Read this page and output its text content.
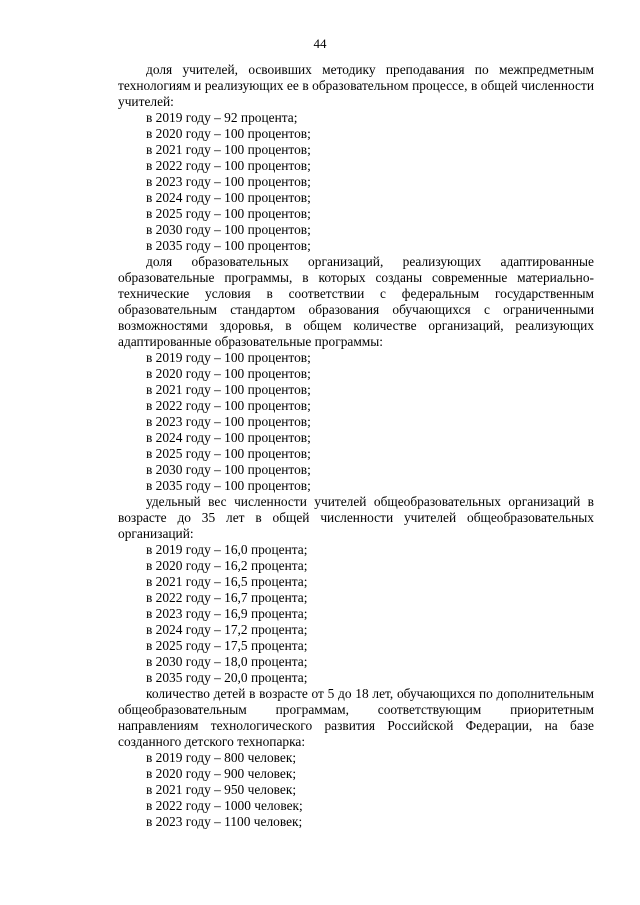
44

доля учителей, освоивших методику преподавания по межпредметным технологиям и реализующих ее в образовательном процессе, в общей численности учителей:

в 2019 году – 92 процента;
в 2020 году – 100 процентов;
в 2021 году – 100 процентов;
в 2022 году – 100 процентов;
в 2023 году – 100 процентов;
в 2024 году – 100 процентов;
в 2025 году – 100 процентов;
в 2030 году – 100 процентов;
в 2035 году – 100 процентов;

доля образовательных организаций, реализующих адаптированные образовательные программы, в которых созданы современные материально-технические условия в соответствии с федеральным государственным образовательным стандартом образования обучающихся с ограниченными возможностями здоровья, в общем количестве организаций, реализующих адаптированные образовательные программы:

в 2019 году – 100 процентов;
в 2020 году – 100 процентов;
в 2021 году – 100 процентов;
в 2022 году – 100 процентов;
в 2023 году – 100 процентов;
в 2024 году – 100 процентов;
в 2025 году – 100 процентов;
в 2030 году – 100 процентов;
в 2035 году – 100 процентов;

удельный вес численности учителей общеобразовательных организаций в возрасте до 35 лет в общей численности учителей общеобразовательных организаций:

в 2019 году – 16,0 процента;
в 2020 году – 16,2 процента;
в 2021 году – 16,5 процента;
в 2022 году – 16,7 процента;
в 2023 году – 16,9 процента;
в 2024 году – 17,2 процента;
в 2025 году – 17,5 процента;
в 2030 году – 18,0 процента;
в 2035 году – 20,0 процента;

количество детей в возрасте от 5 до 18 лет, обучающихся по дополнительным общеобразовательным программам, соответствующим приоритетным направлениям технологического развития Российской Федерации, на базе созданного детского технопарка:

в 2019 году – 800 человек;
в 2020 году – 900 человек;
в 2021 году – 950 человек;
в 2022 году – 1000 человек;
в 2023 году – 1100 человек;
